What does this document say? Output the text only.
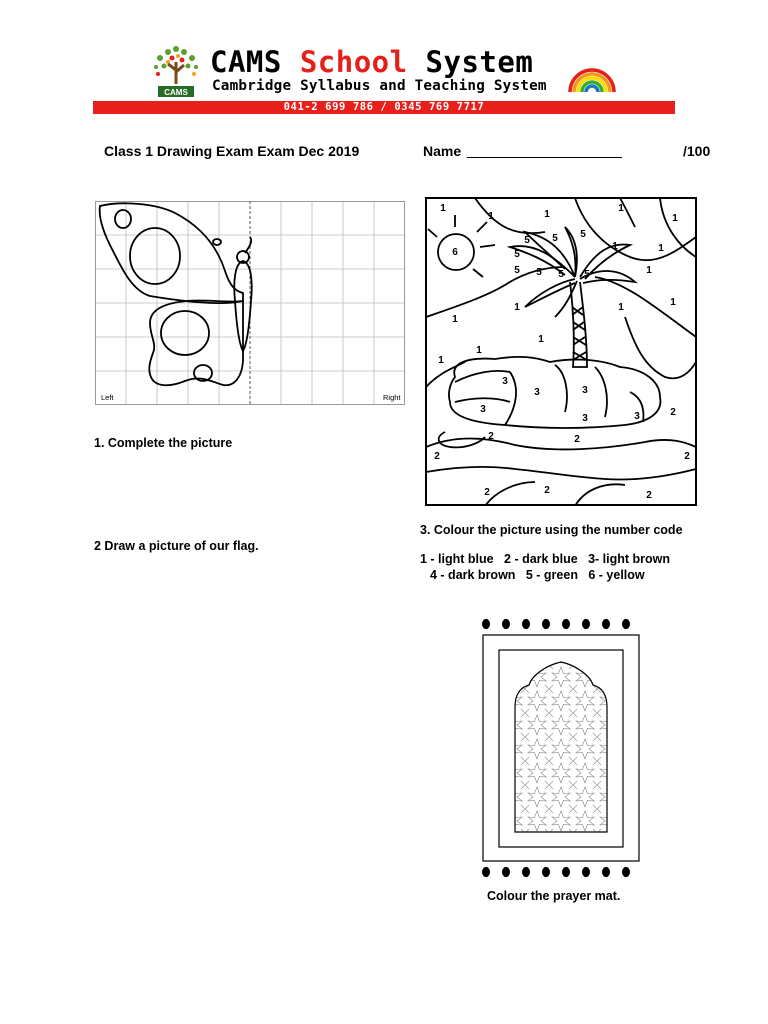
CAMS
CAMS School System
Cambridge Syllabus and Teaching System
041-2 699 786 / 0345 769 7717
Class 1 Drawing Exam Exam Dec 2019	Name	/100
Left	Right
1
1	1
1
1
6
5 5 5
5
5
5	5 5
1	1
1
1	1	1
1
1
1
1
3
3	3
3
3	3	2
2	2
2	2
2	2	2
1. Complete the picture
2 Draw a picture of our flag.
3. Colour the picture using the number code
1 - light blue   2 - dark blue   3- light brown
4 - dark brown   5 - green   6 - yellow
Colour the prayer mat.
